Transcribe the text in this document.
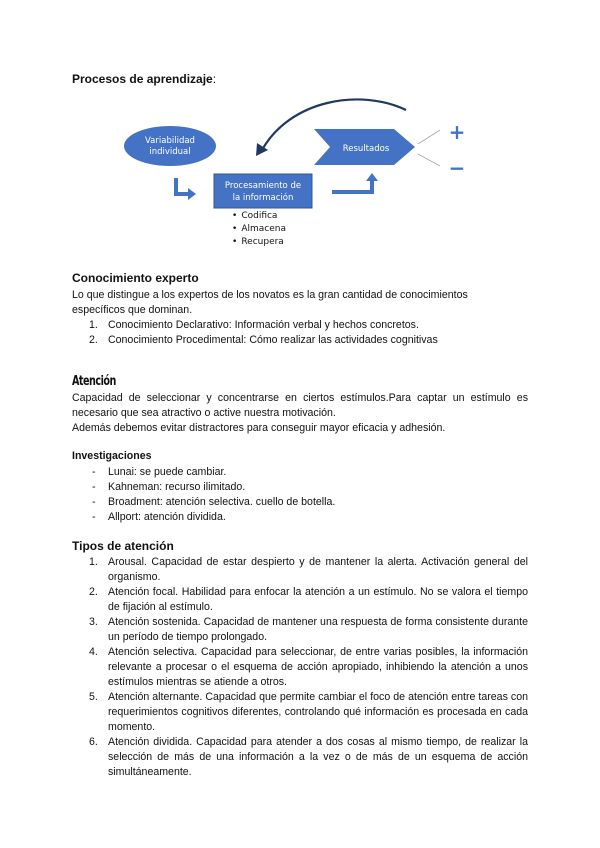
Procesos de aprendizaje:
Variabilidad
individual	Resultados
+
−
Procesamiento de
la información
• Codifica
• Almacena
• Recupera
Conocimiento experto
Lo que distingue a los expertos de los novatos es la gran cantidad de conocimientos
específicos que dominan.
1. Conocimiento Declarativo: Información verbal y hechos concretos.
2. Conocimiento Procedimental: Cómo realizar las actividades cognitivas
Atención
Capacidad de seleccionar y concentrarse en ciertos estímulos.Para captar un estímulo es necesario que sea atractivo o active nuestra motivación.
Además debemos evitar distractores para conseguir mayor eficacia y adhesión.
Investigaciones
- Lunai: se puede cambiar.
- Kahneman: recurso ilimitado.
- Broadment: atención selectiva. cuello de botella.
- Allport: atención dividida.
Tipos de atención
1. Arousal. Capacidad de estar despierto y de mantener la alerta. Activación general del organismo.
2. Atención focal. Habilidad para enfocar la atención a un estímulo. No se valora el tiempo de fijación al estímulo.
3. Atención sostenida. Capacidad de mantener una respuesta de forma consistente durante un período de tiempo prolongado.
4. Atención selectiva. Capacidad para seleccionar, de entre varias posibles, la información relevante a procesar o el esquema de acción apropiado, inhibiendo la atención a unos estímulos mientras se atiende a otros.
5. Atención alternante. Capacidad que permite cambiar el foco de atención entre tareas con requerimientos cognitivos diferentes, controlando qué información es procesada en cada momento.
6. Atención dividida. Capacidad para atender a dos cosas al mismo tiempo, de realizar la selección de más de una información a la vez o de más de un esquema de acción simultáneamente.
